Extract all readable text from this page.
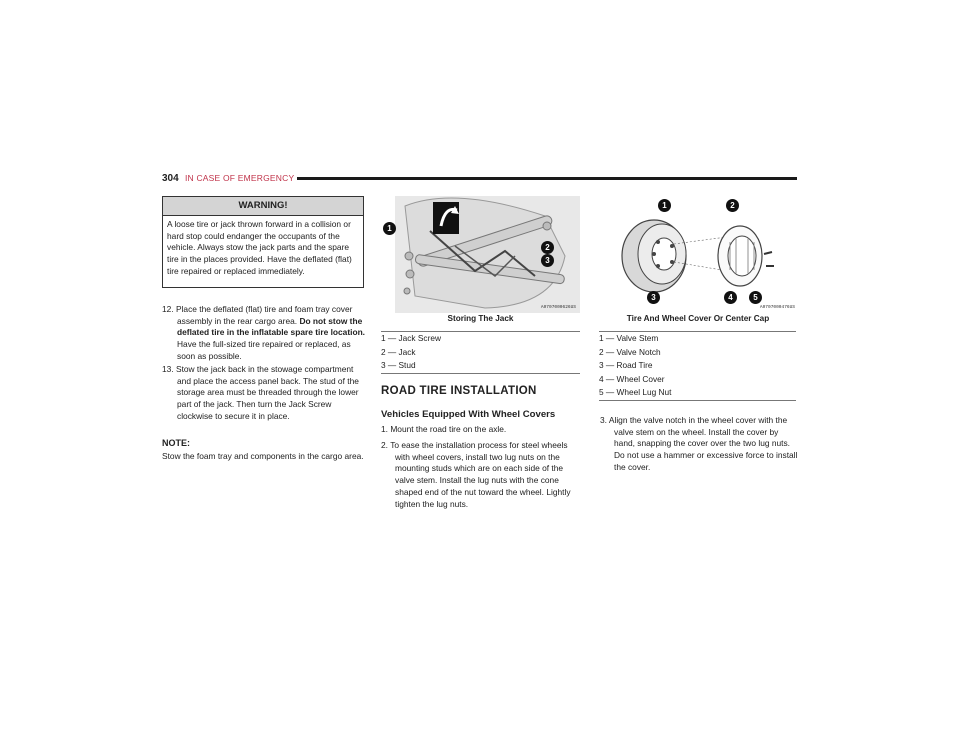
304 IN CASE OF EMERGENCY
WARNING!
A loose tire or jack thrown forward in a collision or hard stop could endanger the occupants of the vehicle. Always stow the jack parts and the spare tire in the places provided. Have the deflated (flat) tire repaired or replaced immediately.
12. Place the deflated (flat) tire and foam tray cover assembly in the rear cargo area. Do not stow the deflated tire in the inflatable spare tire location. Have the full-sized tire repaired or replaced, as soon as possible.
13. Stow the jack back in the stowage compartment and place the access panel back. The stud of the storage area must be threaded through the lower part of the jack. Then turn the Jack Screw clockwise to secure it in place.
NOTE:
Stow the foam tray and components in the cargo area.
A0707000626US
1
2
3
Storing The Jack
1 — Jack Screw
2 — Jack
3 — Stud
ROAD TIRE INSTALLATION
Vehicles Equipped With Wheel Covers
1. Mount the road tire on the axle.
2. To ease the installation process for steel wheels with wheel covers, install two lug nuts on the mounting studs which are on each side of the valve stem. Install the lug nuts with the cone shaped end of the nut toward the wheel. Lightly tighten the lug nuts.
A0707000476US
1	2
3	4	5
Tire And Wheel Cover Or Center Cap
1 — Valve Stem
2 — Valve Notch
3 — Road Tire
4 — Wheel Cover
5 — Wheel Lug Nut
3. Align the valve notch in the wheel cover with the valve stem on the wheel. Install the cover by hand, snapping the cover over the two lug nuts. Do not use a hammer or excessive force to install the cover.
